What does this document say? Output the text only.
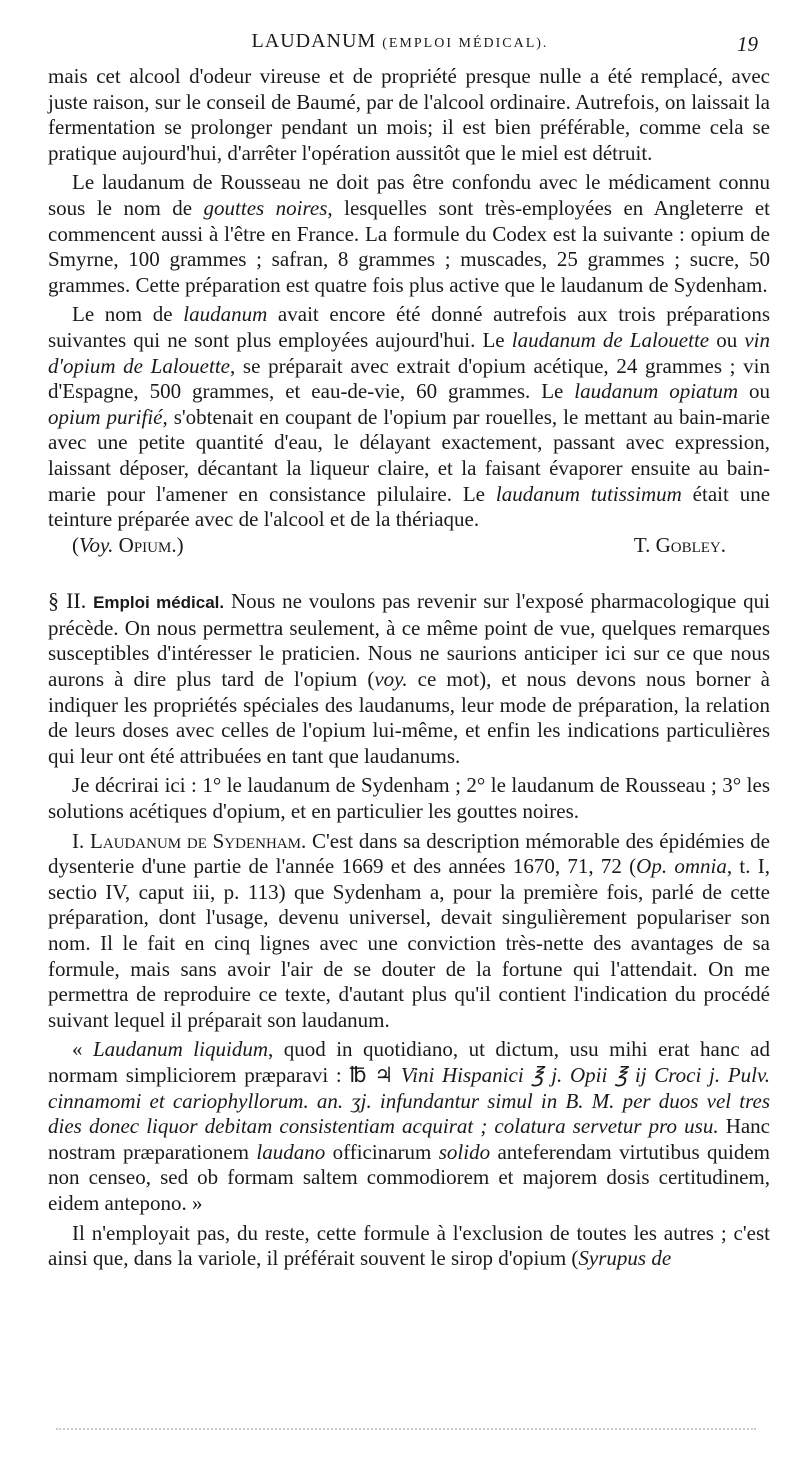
LAUDANUM (EMPLOI MÉDICAL).	19

mais cet alcool d'odeur vireuse et de propriété presque nulle a été remplacé, avec juste raison, sur le conseil de Baumé, par de l'alcool ordinaire. Autrefois, on laissait la fermentation se prolonger pendant un mois; il est bien préférable, comme cela se pratique aujourd'hui, d'arrêter l'opération aussitôt que le miel est détruit.

Le laudanum de Rousseau ne doit pas être confondu avec le médicament connu sous le nom de gouttes noires, lesquelles sont très-employées en Angleterre et commencent aussi à l'être en France. La formule du Codex est la suivante : opium de Smyrne, 100 grammes ; safran, 8 grammes ; muscades, 25 grammes ; sucre, 50 grammes. Cette préparation est quatre fois plus active que le laudanum de Sydenham.

Le nom de laudanum avait encore été donné autrefois aux trois préparations suivantes qui ne sont plus employées aujourd'hui. Le laudanum de Lalouette ou vin d'opium de Lalouette, se préparait avec extrait d'opium acétique, 24 grammes ; vin d'Espagne, 500 grammes, et eau-de-vie, 60 grammes. Le laudanum opiatum ou opium purifié, s'obtenait en coupant de l'opium par rouelles, le mettant au bain-marie avec une petite quantité d'eau, le délayant exactement, passant avec expression, laissant déposer, décantant la liqueur claire, et la faisant évaporer ensuite au bain-marie pour l'amener en consistance pilulaire. Le laudanum tutissimum était une teinture préparée avec de l'alcool et de la thériaque.

(Voy. Opium.)	T. Gobley.

§ II. Emploi médical. Nous ne voulons pas revenir sur l'exposé pharmacologique qui précède. On nous permettra seulement, à ce même point de vue, quelques remarques susceptibles d'intéresser le praticien. Nous ne saurions anticiper ici sur ce que nous aurons à dire plus tard de l'opium (voy. ce mot), et nous devons nous borner à indiquer les propriétés spéciales des laudanums, leur mode de préparation, la relation de leurs doses avec celles de l'opium lui-même, et enfin les indications particulières qui leur ont été attribuées en tant que laudanums.

Je décrirai ici : 1° le laudanum de Sydenham ; 2° le laudanum de Rousseau ; 3° les solutions acétiques d'opium, et en particulier les gouttes noires.

I. Laudanum de Sydenham. C'est dans sa description mémorable des épidémies de dysenterie d'une partie de l'année 1669 et des années 1670, 71, 72 (Op. omnia, t. I, sectio IV, caput iii, p. 113) que Sydenham a, pour la première fois, parlé de cette préparation, dont l'usage, devenu universel, devait singulièrement populariser son nom. Il le fait en cinq lignes avec une conviction très-nette des avantages de sa formule, mais sans avoir l'air de se douter de la fortune qui l'attendait. On me permettra de reproduire ce texte, d'autant plus qu'il contient l'indication du procédé suivant lequel il préparait son laudanum.

« Laudanum liquidum, quod in quotidiano, ut dictum, usu mihi erat hanc ad normam simpliciorem præparavi : ℔ ♃ Vini Hispanici ℥ j. Opii ℥ ij Croci j. Pulv. cinnamomi et cariophyllorum. an. ʒj. infundantur simul in B. M. per duos vel tres dies donec liquor debitam consistentiam acquirat ; colatura servetur pro usu. Hanc nostram præparationem laudano officinarum solido anteferendam virtutibus quidem non censeo, sed ob formam saltem commodiorem et majorem dosis certitudinem, eidem antepono. »

Il n'employait pas, du reste, cette formule à l'exclusion de toutes les autres ; c'est ainsi que, dans la variole, il préférait souvent le sirop d'opium (Syrupus de
